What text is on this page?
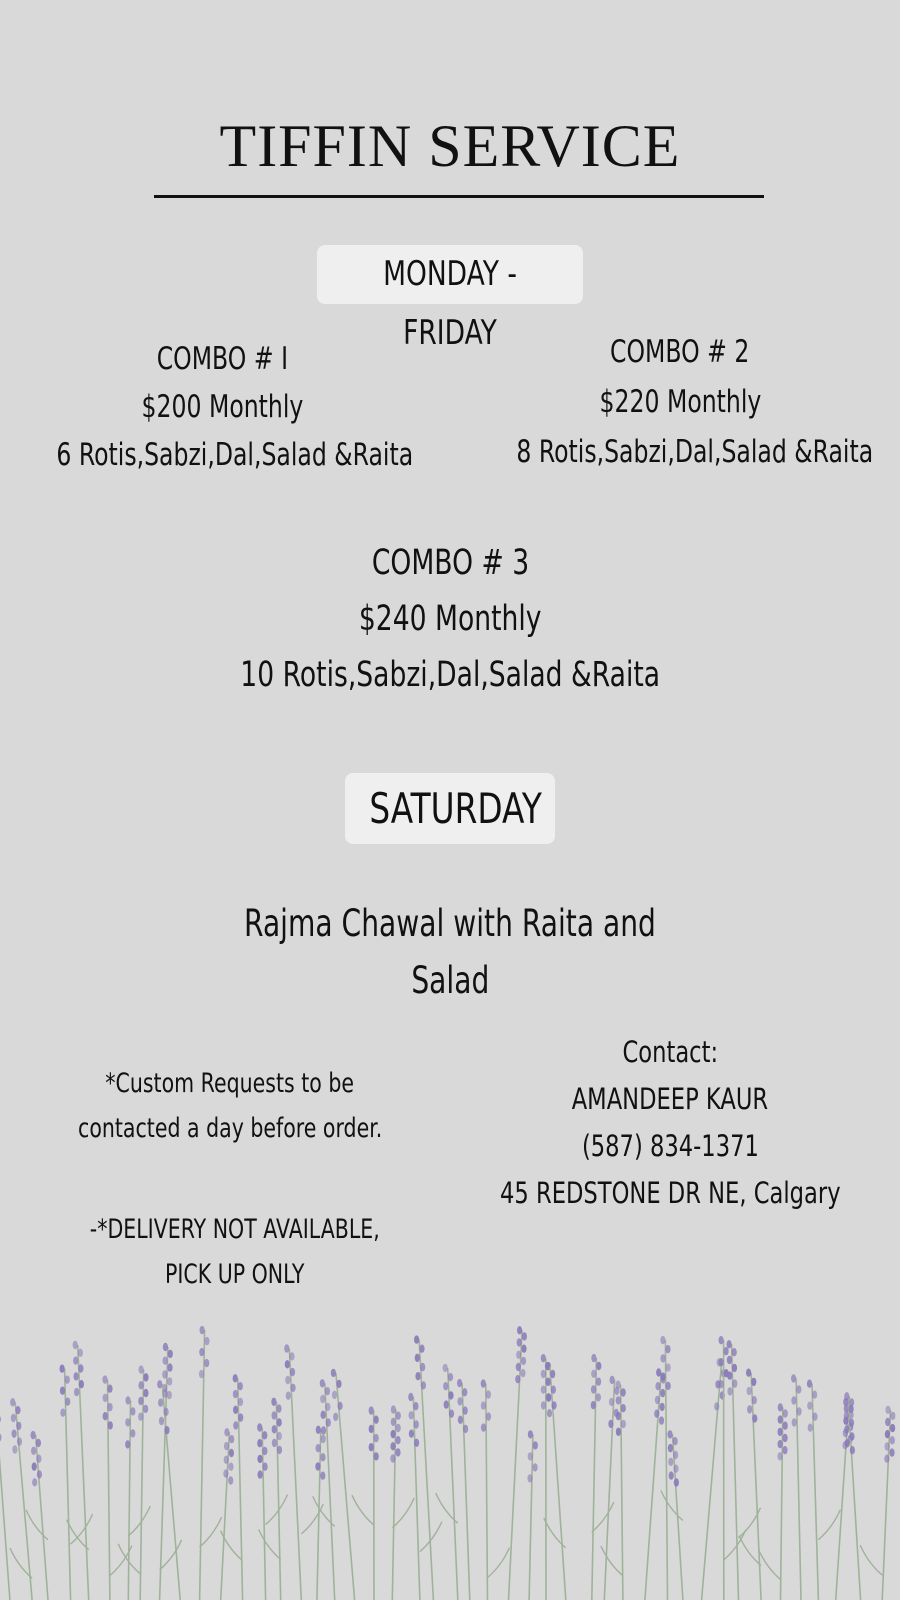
TIFFIN SERVICE
MONDAY - FRIDAY
COMBO # I
$200 Monthly
6 Rotis,Sabzi,Dal,Salad &Raita
COMBO # 2
$220 Monthly
8 Rotis,Sabzi,Dal,Salad &Raita
COMBO # 3
$240 Monthly
10 Rotis,Sabzi,Dal,Salad &Raita
SATURDAY
Rajma Chawal with Raita and
Salad
*Custom Requests to be
contacted a day before order.
-*DELIVERY NOT AVAILABLE,
PICK UP ONLY
Contact:
AMANDEEP KAUR
(587) 834-1371
45 REDSTONE DR NE, Calgary
